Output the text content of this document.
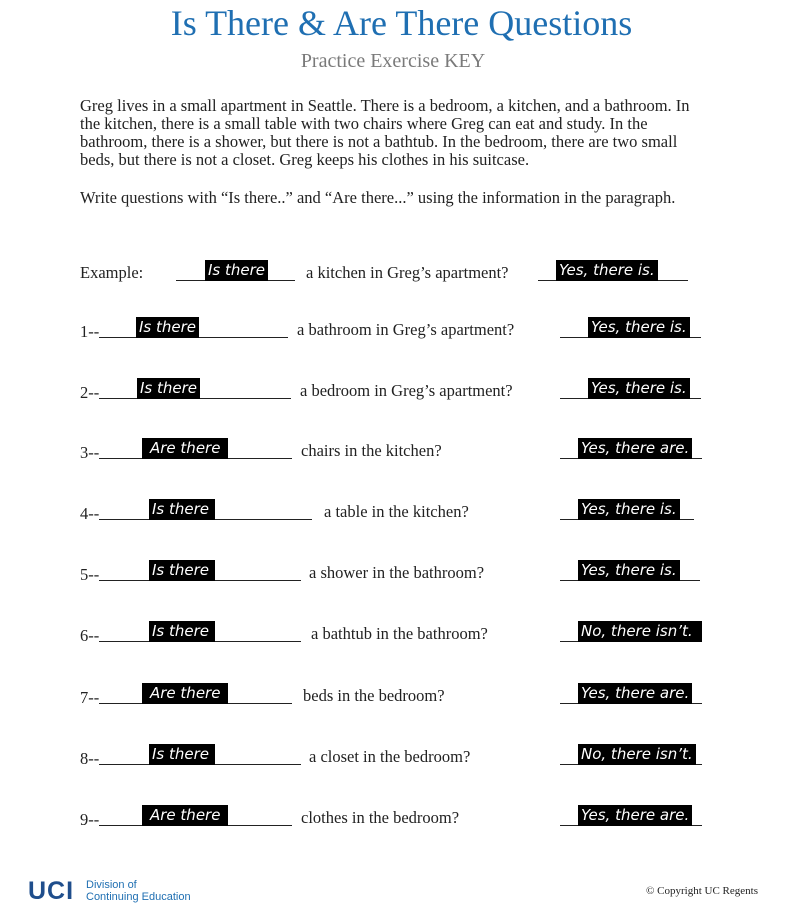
Is There & Are There Questions
Practice Exercise KEY
Greg lives in a small apartment in Seattle. There is a bedroom, a kitchen, and a bathroom. In the kitchen, there is a small table with two chairs where Greg can eat and study. In the bathroom, there is a shower, but there is not a bathtub. In the bedroom, there are two small beds, but there is not a closet. Greg keeps his clothes in his suitcase.
Write questions with “Is there..” and “Are there...” using the information in the paragraph.
Example:	Is there a kitchen in Greg’s apartment?	Yes, there is.
1--	Is there	a bathroom in Greg’s apartment?	Yes, there is.
2--	Is there	a bedroom in Greg’s apartment?	Yes, there is.
3--	Are there	chairs in the kitchen?	Yes, there are.
4--	Is there	a table in the kitchen?	Yes, there is.
5--	Is there	a shower in the bathroom?	Yes, there is.
6--	Is there	a bathtub in the bathroom?	No, there isn’t.
7--	Are there	beds in the bedroom?	Yes, there are.
8--	Is there	a closet in the bedroom?	No, there isn’t.
9--	Are there	clothes in the bedroom?	Yes, there are.
UCI Division of
Continuing Education	© Copyright UC Regents
